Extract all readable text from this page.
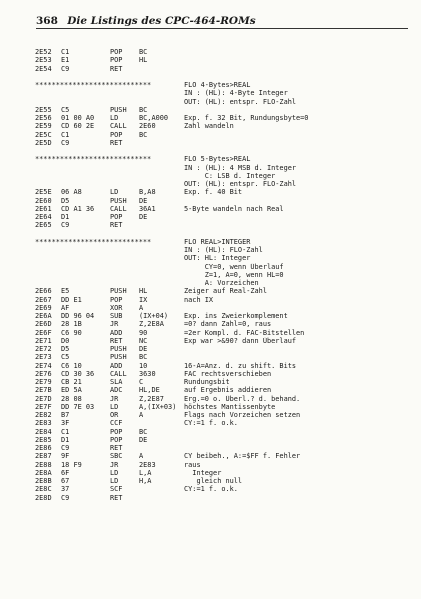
368 Die Listings des CPC-464-ROMs
2E52 C1	POP BC
2E53 E1	POP HL
2E54 C9	RET
****************************	FLO 4-Bytes>REAL
IN : (HL): 4-Byte Integer
OUT: (HL): entspr. FLO-Zahl
2E55 C5	PUSH BC
2E56 01 00 A0 LD	BC,A000 Exp. f. 32 Bit, Rundungsbyte=0
2E59 CD 60 2E CALL 2E60	Zahl wandeln
2E5C C1	POP BC
2E5D C9	RET
****************************	FLO 5-Bytes>REAL
IN : (HL): 4 MSB d. Integer
C: LSB d. Integer
OUT: (HL): entspr. FLO-Zahl
2E5E 06 A8	LD	B,A8	Exp. f. 40 Bit
2E60 D5	PUSH DE
2E61 CD A1 36 CALL 36A1	5-Byte wandeln nach Real
2E64 D1	POP DE
2E65 C9	RET
****************************	FLO REAL>INTEGER
IN : (HL): FLO-Zahl
OUT: HL: Integer
CY=0, wenn Überlauf
Z=1, A=0, wenn HL=0
A: Vorzeichen
2E66 E5	PUSH HL	Zeiger auf Real-Zahl
2E67 DD E1	POP IX	nach IX
2E69 AF	XOR A
2E6A DD 96 04 SUB (IX+04) Exp. ins Zweierkomplement
2E6D 28 1B	JR	Z,2E8A	=0? dann Zahl=0, raus
2E6F C6 90	ADD 90	=2er Kompl. d. FAC-Bitstellen
2E71 D0	RET NC	Exp war >&90? dann Überlauf
2E72 D5	PUSH DE
2E73 C5	PUSH BC
2E74 C6 10	ADD 10	16-A=Anz. d. zu shift. Bits
2E76 CD 30 36 CALL 3630	FAC rechtsverschieben
2E79 CB 21	SLA C	Rundungsbit
2E7B ED 5A	ADC HL,DE	auf Ergebnis addieren
2E7D 28 08	JR	Z,2E87	Erg.=0 o. Überl.? d. behand.
2E7F DD 7E 03 LD	A,(IX+03) höchstes Mantissenbyte
2E82 B7	OR	A	Flags nach Vorzeichen setzen
2E83 3F	CCF	CY:=1 f. o.k.
2E84 C1	POP BC
2E85 D1	POP DE
2E86 C9	RET
2E87 9F	SBC A	CY beibeh., A:=$FF f. Fehler
2E88 18 F9	JR	2E83	raus
2E8A 6F	LD	L,A	Integer
2E8B 67	LD	H,A	gleich null
2E8C 37	SCF	CY:=1 f. o.k.
2E8D C9	RET
